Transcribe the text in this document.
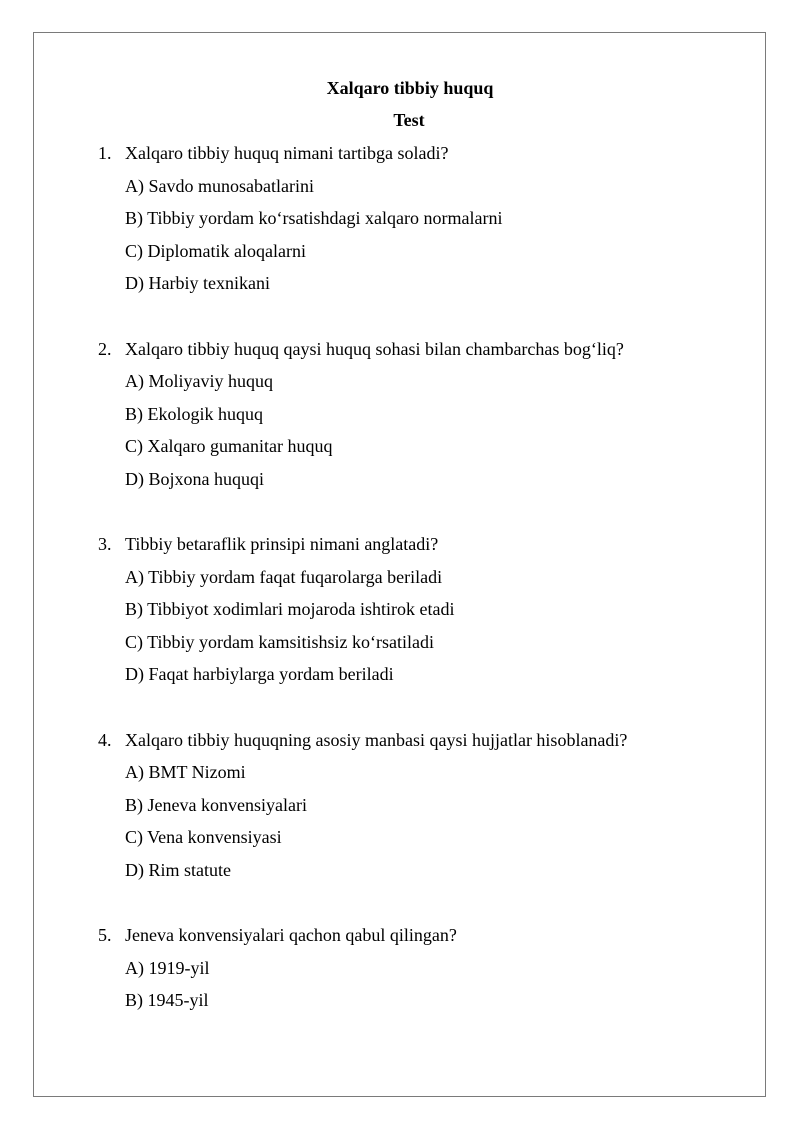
Xalqaro tibbiy huquq
Test
1. Xalqaro tibbiy huquq nimani tartibga soladi?
A) Savdo munosabatlarini
B) Tibbiy yordam ko‘rsatishdagi xalqaro normalarni
C) Diplomatik aloqalarni
D) Harbiy texnikani
2. Xalqaro tibbiy huquq qaysi huquq sohasi bilan chambarchas bog‘liq?
A) Moliyaviy huquq
B) Ekologik huquq
C) Xalqaro gumanitar huquq
D) Bojxona huquqi
3. Tibbiy betaraflik prinsipi nimani anglatadi?
A) Tibbiy yordam faqat fuqarolarga beriladi
B) Tibbiyot xodimlari mojaroda ishtirok etadi
C) Tibbiy yordam kamsitishsiz ko‘rsatiladi
D) Faqat harbiylarga yordam beriladi
4. Xalqaro tibbiy huquqning asosiy manbasi qaysi hujjatlar hisoblanadi?
A) BMT Nizomi
B) Jeneva konvensiyalari
C) Vena konvensiyasi
D) Rim statute
5. Jeneva konvensiyalari qachon qabul qilingan?
A) 1919-yil
B) 1945-yil
